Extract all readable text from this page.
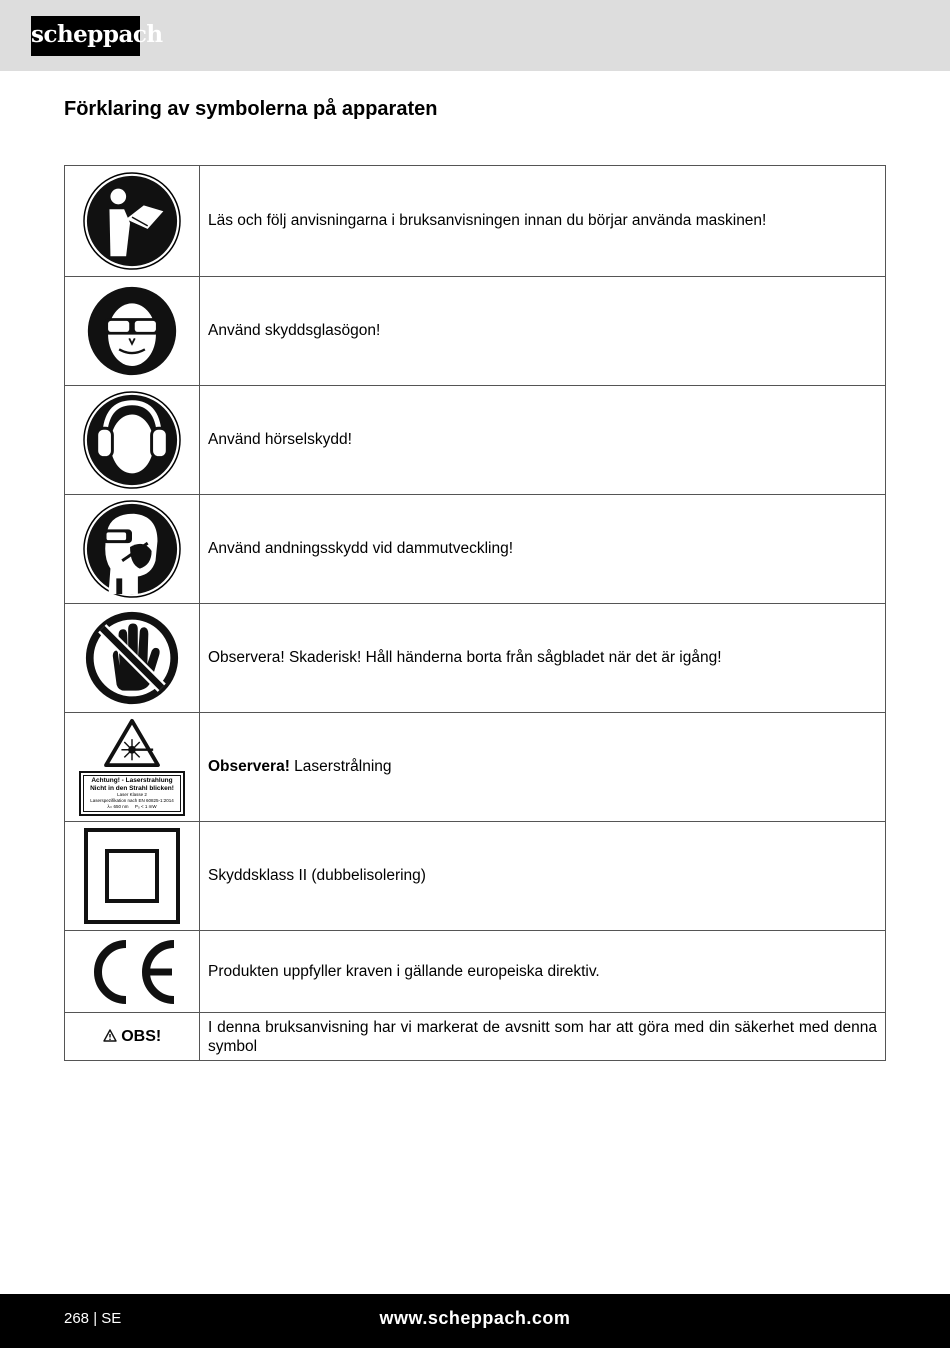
scheppach
Förklaring av symbolerna på apparaten
	Läs och följ anvisningarna i bruksanvisningen innan du börjar använda maskinen!

	Använd skyddsglasögon!

	Använd hörselskydd!

	Använd andningsskydd vid dammutveckling!

	Observera! Skaderisk! Håll händerna borta från sågbladet när det är igång!

Achtung! - Laserstrahlung
Nicht in den Strahl blicken!
Laser Klasse 2
Laserspezifikation nach EN 60825-1:2014
λ= 650 nm P₀ < 1 mW	Observera! Laserstrålning

	Skyddsklass II (dubbelisolering)

	Produkten uppfyller kraven i gällande europeiska direktiv.
OBS!	I denna bruksanvisning har vi markerat de avsnitt som har att göra med din säkerhet med denna symbol
268 | SE	www.scheppach.com
